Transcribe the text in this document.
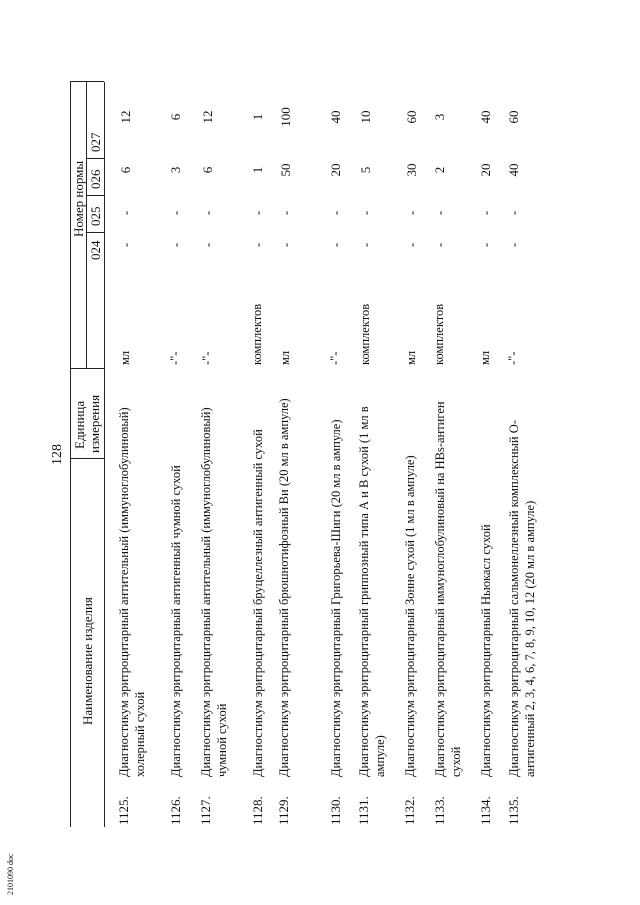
128
2101090 doc
Наименование изделия
Единица измерения
Номер нормы
024
025
026
027
1125.
Диагностикум эритроцитарный антительный (иммуноглобулиновый) холерный сухой
мл
-
-
6
12
1126.
Диагностикум эритроцитарный антигенный чумной сухой
-"-
-
-
3
6
1127.
Диагностикум эритроцитарный антительный (иммуноглобулиновый) чумной сухой
-"-
-
-
6
12
1128.
Диагностикум эритроцитарный бруцеллезный антигенный сухой
комплектов
-
-
1
1
1129.
Диагностикум эритроцитарный брюшнотифозный Ви (20 мл в ампуле)
мл
-
-
50
100
1130.
Диагностикум эритроцитарный Григорьева-Шиги (20 мл в ампуле)
-"-
-
-
20
40
1131.
Диагностикум эритроцитарный гриппозный типа А и В сухой (1 мл в ампуле)
комплектов
-
-
5
10
1132.
Диагностикум эритроцитарный Зонне сухой (1 мл в ампуле)
мл
-
-
30
60
1133.
Диагностикум эритроцитарный иммуноглобулиновый на HBs-антиген сухой
комплектов
-
-
2
3
1134.
Диагностикум эритроцитарный Ньюкасл сухой
мл
-
-
20
40
1135.
Диагностикум эритроцитарный сальмонеллезный комплексный О-антигенный 2, 3, 4, 6, 7, 8, 9, 10, 12 (20 мл в ампуле)
-"-
-
-
40
60
